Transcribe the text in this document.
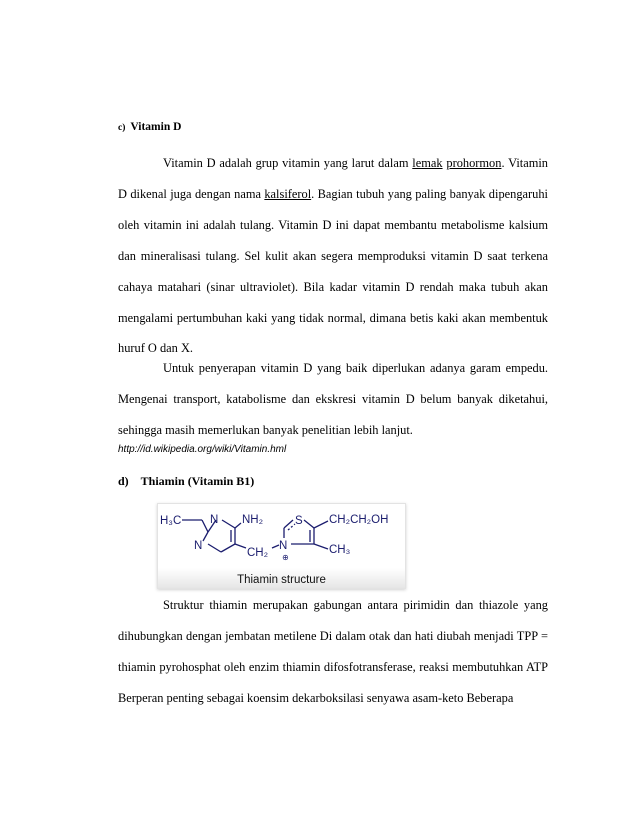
c) Vitamin D
Vitamin D adalah grup vitamin yang larut dalam lemak prohormon. Vitamin D dikenal juga dengan nama kalsiferol. Bagian tubuh yang paling banyak dipengaruhi oleh vitamin ini adalah tulang. Vitamin D ini dapat membantu metabolisme kalsium dan mineralisasi tulang. Sel kulit akan segera memproduksi vitamin D saat terkena cahaya matahari (sinar ultraviolet). Bila kadar vitamin D rendah maka tubuh akan mengalami pertumbuhan kaki yang tidak normal, dimana betis kaki akan membentuk huruf O dan X.
Untuk penyerapan vitamin D yang baik diperlukan adanya garam empedu. Mengenai transport, katabolisme dan ekskresi vitamin D belum banyak diketahui, sehingga masih memerlukan banyak penelitian lebih lanjut.
http://id.wikipedia.org/wiki/Vitamin.hml
d) Thiamin (Vitamin B1)
H₃C N
N
NH₂
CH₂
N
⊕
S CH₂CH₂OH
CH₃
Thiamin structure
Struktur thiamin merupakan gabungan antara pirimidin dan thiazole yang dihubungkan dengan jembatan metilene Di dalam otak dan hati diubah menjadi TPP = thiamin pyrohosphat oleh enzim thiamin difosfotransferase, reaksi membutuhkan ATP Berperan penting sebagai koensim dekarboksilasi senyawa asam-keto Beberapa
